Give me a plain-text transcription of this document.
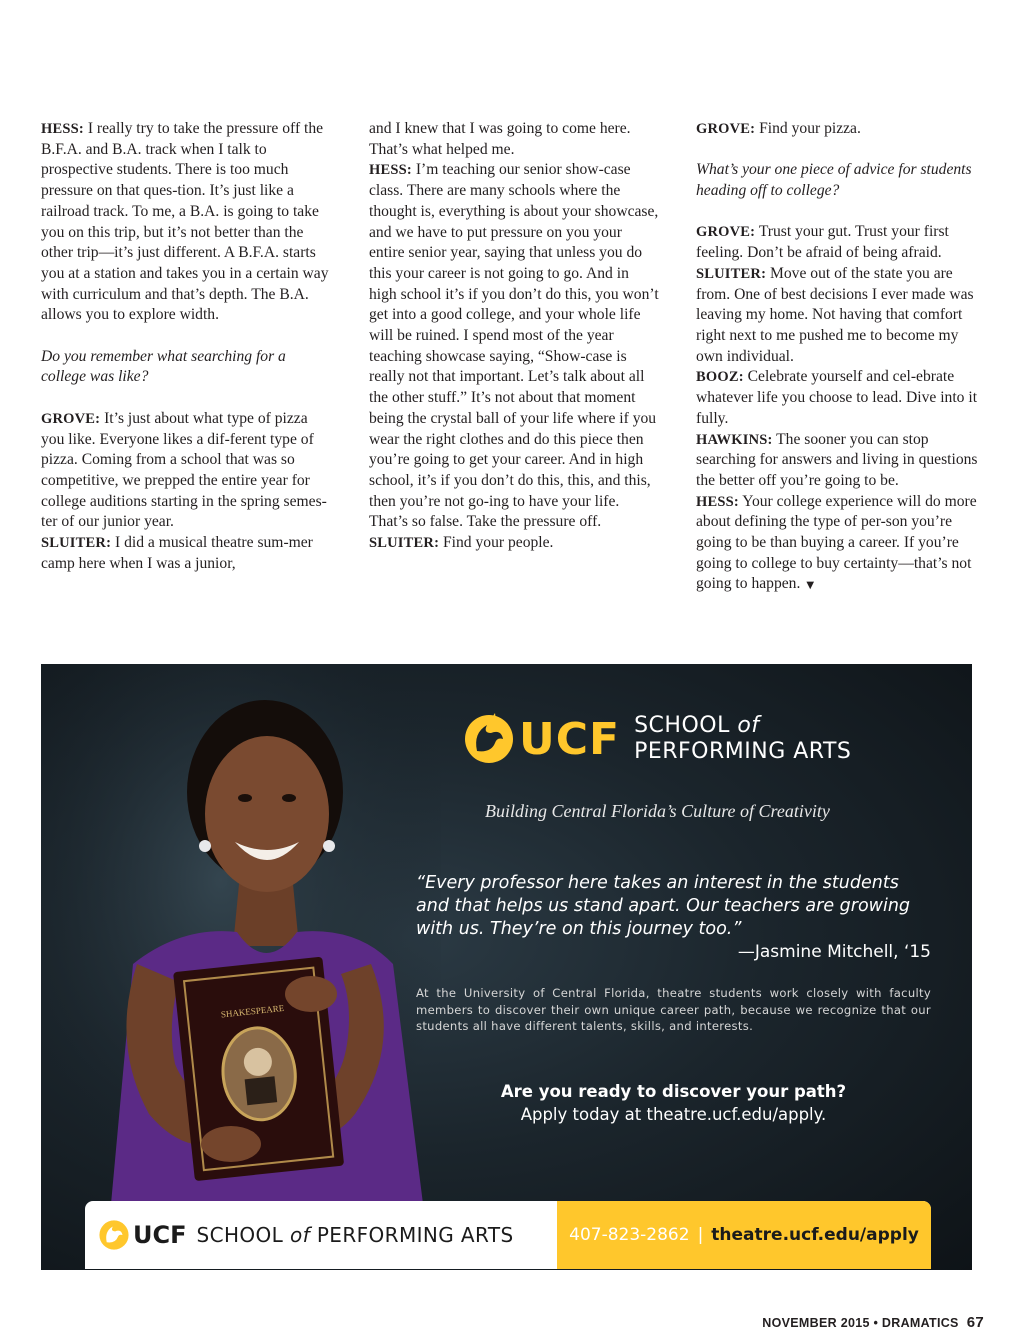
HESS: I really try to take the pressure off the B.F.A. and B.A. track when I talk to prospective students. There is too much pressure on that ques-tion. It’s just like a railroad track. To me, a B.A. is going to take you on this trip, but it’s not better than the other trip—it’s just different. A B.F.A. starts you at a station and takes you in a certain way with curriculum and that’s depth. The B.A. allows you to explore width.

Do you remember what searching for a college was like?

GROVE: It’s just about what type of pizza you like. Everyone likes a dif-ferent type of pizza. Coming from a school that was so competitive, we prepped the entire year for college auditions starting in the spring semes-ter of our junior year.

SLUITER: I did a musical theatre sum-mer camp here when I was a junior,

and I knew that I was going to come here. That’s what helped me.

HESS: I’m teaching our senior show-case class. There are many schools where the thought is, everything is about your showcase, and we have to put pressure on you your entire senior year, saying that unless you do this your career is not going to go. And in high school it’s if you don’t do this, you won’t get into a good college, and your whole life will be ruined. I spend most of the year teaching showcase saying, “Show-case is really not that important. Let’s talk about all the other stuff.” It’s not about that moment being the crystal ball of your life where if you wear the right clothes and do this piece then you’re going to get your career. And in high school, it’s if you don’t do this, this, and this, then you’re not go-ing to have your life. That’s so false. Take the pressure off.

SLUITER: Find your people.

GROVE: Find your pizza.

What’s your one piece of advice for students heading off to college?

GROVE: Trust your gut. Trust your first feeling. Don’t be afraid of being afraid.

SLUITER: Move out of the state you are from. One of best decisions I ever made was leaving my home. Not having that comfort right next to me pushed me to become my own individual.

BOOZ: Celebrate yourself and cel-ebrate whatever life you choose to lead. Dive into it fully.

HAWKINS: The sooner you can stop searching for answers and living in questions the better off you’re going to be.

HESS: Your college experience will do more about defining the type of per-son you’re going to be than buying a career. If you’re going to college to buy certainty—that’s not going to happen. ▼

SHAKESPEARE
UCF SCHOOL of
PERFORMING ARTS
Building Central Florida’s Culture of Creativity
“Every professor here takes an interest in the students and that helps us stand apart. Our teachers are growing with us. They’re on this journey too.”
—Jasmine Mitchell, ‘15
At the University of Central Florida, theatre students work closely with faculty members to discover their own unique career path, because we recognize that our students all have different talents, skills, and interests.
Are you ready to discover your path?
Apply today at theatre.ucf.edu/apply.
UCF SCHOOL of PERFORMING ARTS	407-823-2862 | theatre.ucf.edu/apply
NOVEMBER 2015 • DRAMATICS 67
